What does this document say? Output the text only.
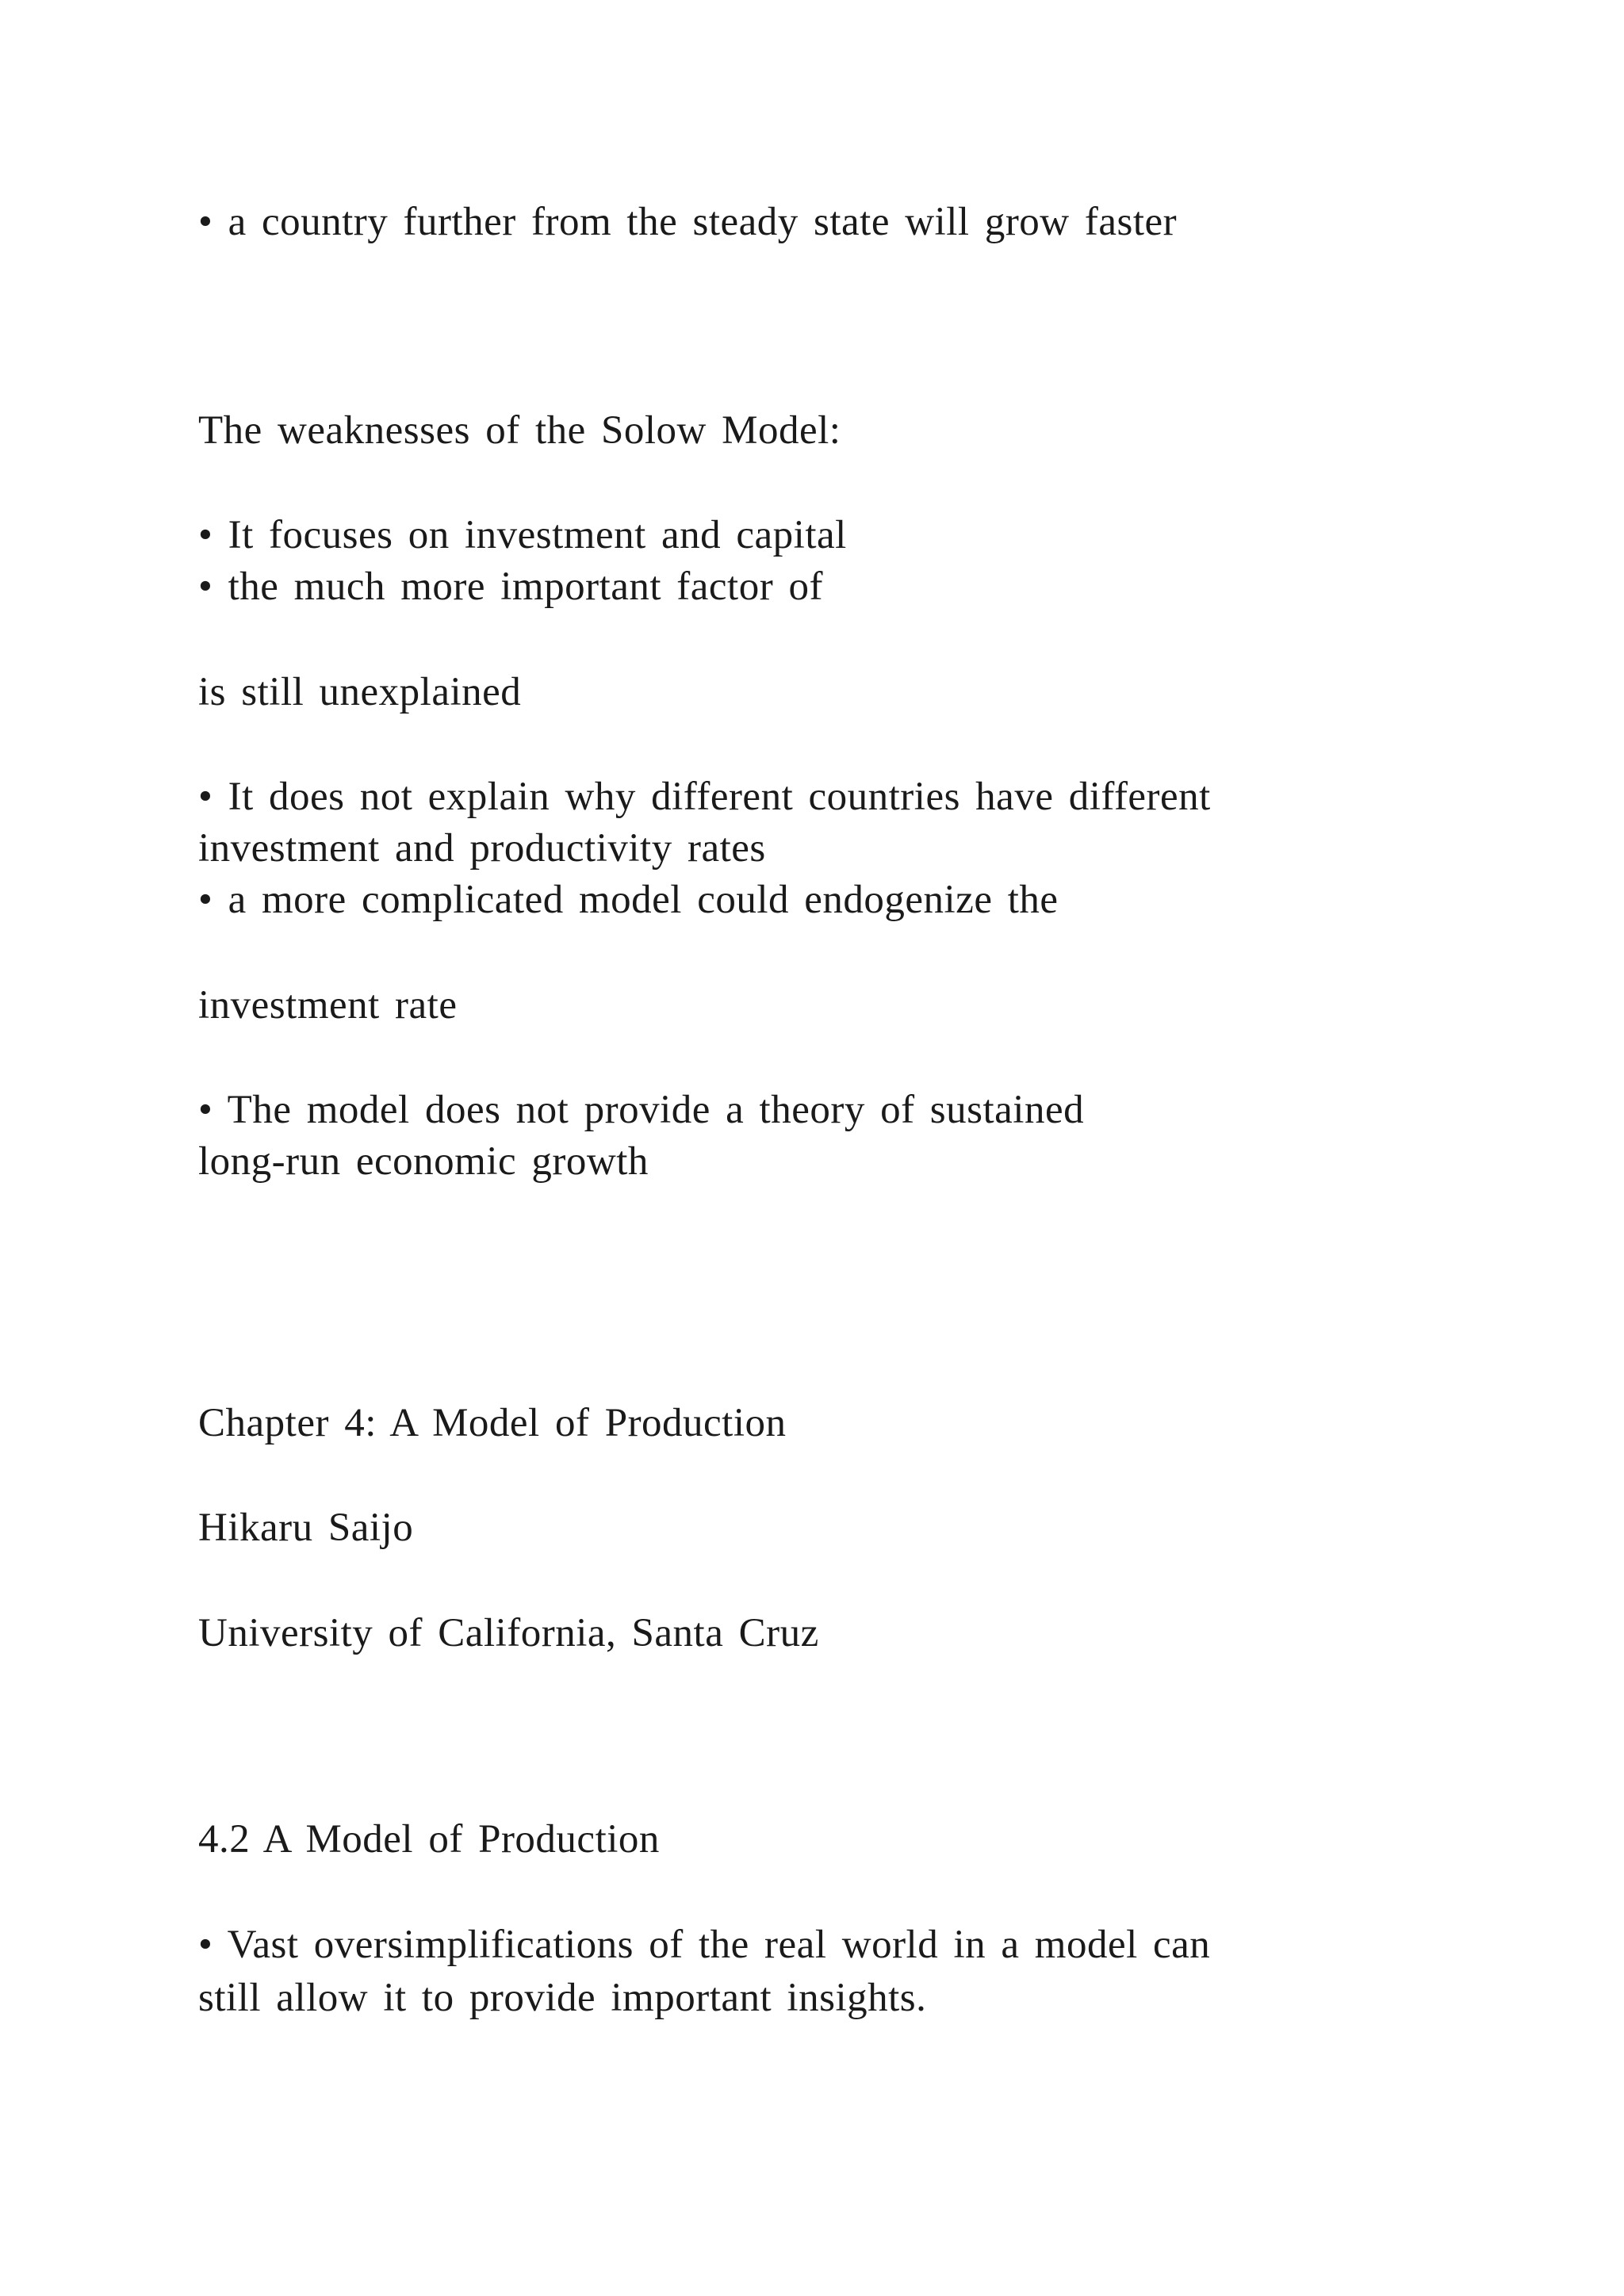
• a country further from the steady state will grow faster

The weaknesses of the Solow Model:

• It focuses on investment and capital

• the much more important factor of

is still unexplained

• It does not explain why different countries have different

investment and productivity rates

• a more complicated model could endogenize the

investment rate

• The model does not provide a theory of sustained

long-run economic growth

Chapter 4: A Model of Production

Hikaru Saijo

University of California, Santa Cruz

4.2 A Model of Production

• Vast oversimplifications of the real world in a model can

still allow it to provide important insights.
